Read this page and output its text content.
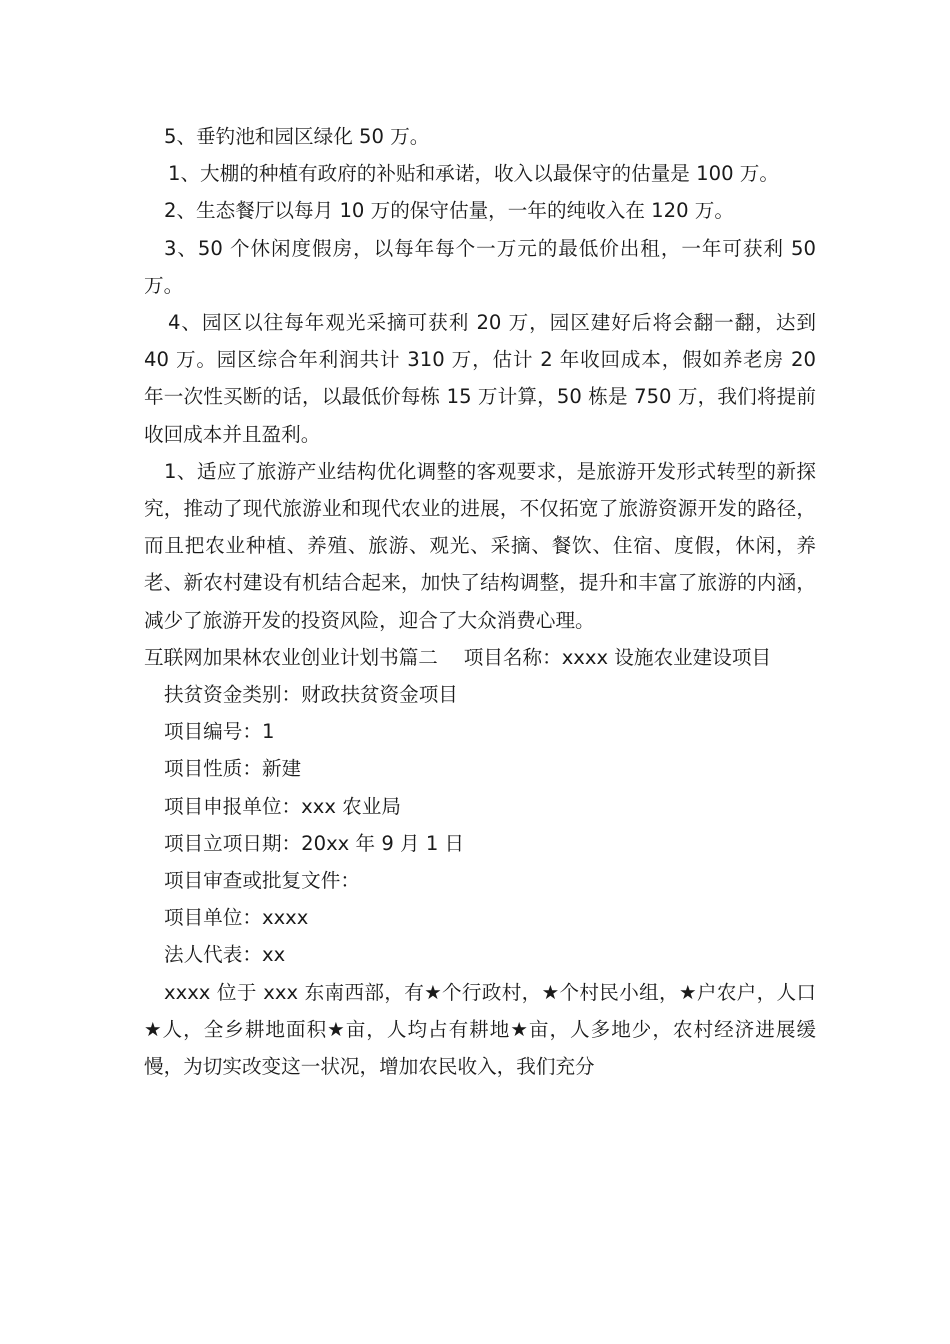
5、垂钓池和园区绿化 50 万。

1、大棚的种植有政府的补贴和承诺，收入以最保守的估量是 100 万。

2、生态餐厅以每月 10 万的保守估量，一年的纯收入在 120 万。

3、50 个休闲度假房，以每年每个一万元的最低价出租，一年可获利 50 万。

4、园区以往每年观光采摘可获利 20 万，园区建好后将会翻一翻，达到 40 万。园区综合年利润共计 310 万，估计 2 年收回成本，假如养老房 20 年一次性买断的话，以最低价每栋 15 万计算，50 栋是 750 万，我们将提前收回成本并且盈利。

1、适应了旅游产业结构优化调整的客观要求，是旅游开发形式转型的新探究，推动了现代旅游业和现代农业的进展，不仅拓宽了旅游资源开发的路径，而且把农业种植、养殖、旅游、观光、采摘、餐饮、住宿、度假，休闲，养老、新农村建设有机结合起来，加快了结构调整，提升和丰富了旅游的内涵，减少了旅游开发的投资风险，迎合了大众消费心理。

互联网加果林农业创业计划书篇二　 项目名称：xxxx 设施农业建设项目

扶贫资金类别：财政扶贫资金项目

项目编号：1

项目性质：新建

项目申报单位：xxx 农业局

项目立项日期：20xx 年 9 月 1 日

项目审查或批复文件：

项目单位：xxxx

法人代表：xx

xxxx 位于 xxx 东南西部，有★个行政村，★个村民小组，★户农户，人口★人，全乡耕地面积★亩，人均占有耕地★亩，人多地少，农村经济进展缓慢，为切实改变这一状况，增加农民收入，我们充分
